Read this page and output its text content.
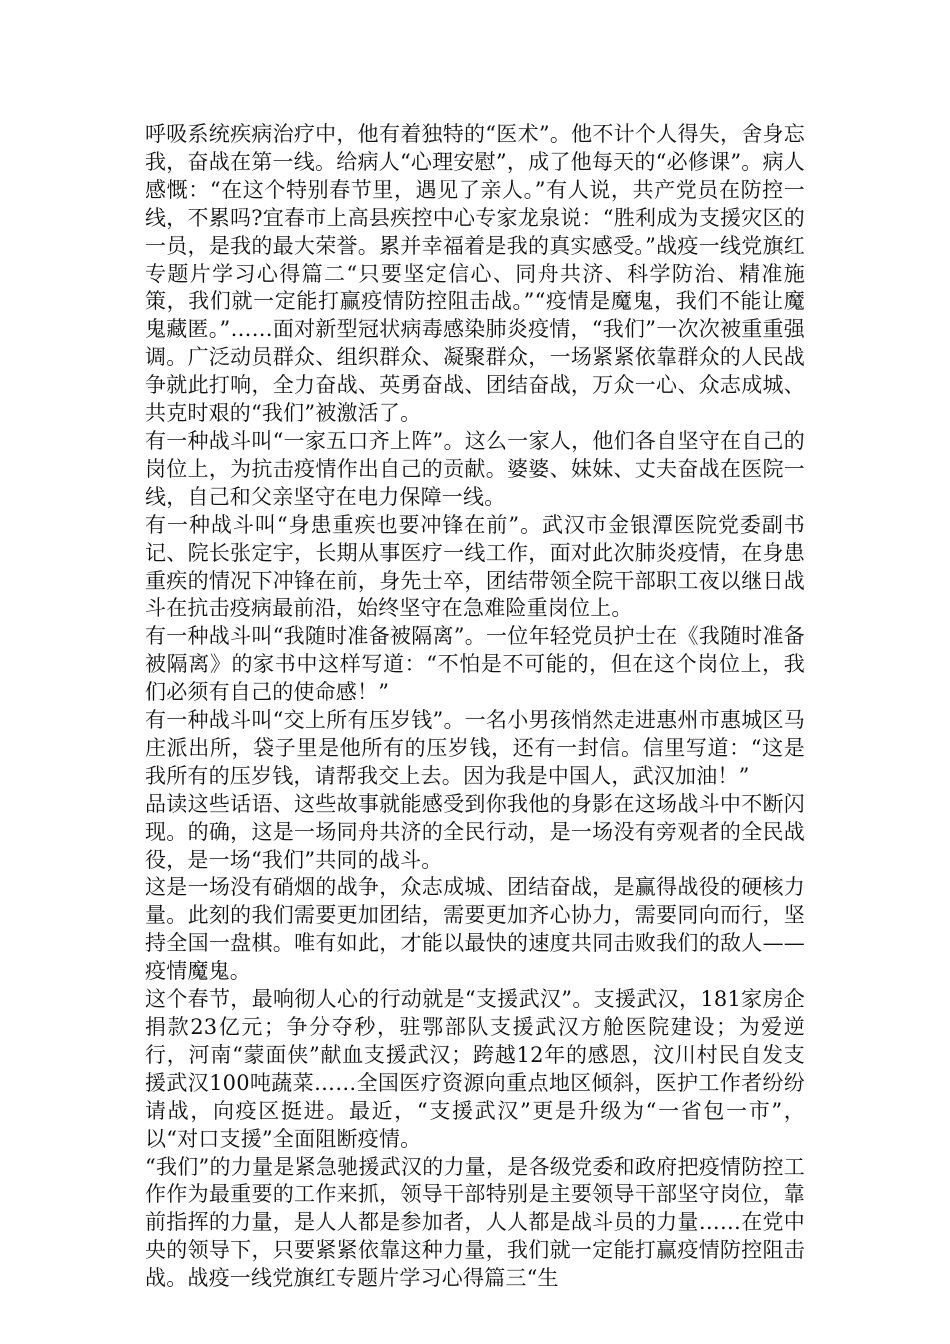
呼吸系统疾病治疗中，他有着独特的“医术”。他不计个人得失，舍身忘我，奋战在第一线。给病人“心理安慰”，成了他每天的“必修课”。病人感慨：“在这个特别春节里，遇见了亲人。”有人说，共产党员在防控一线，不累吗?宜春市上高县疾控中心专家龙泉说：“胜利成为支援灾区的一员，是我的最大荣誉。累并幸福着是我的真实感受。”战疫一线党旗红专题片学习心得篇二“只要坚定信心、同舟共济、科学防治、精准施策，我们就一定能打赢疫情防控阻击战。”“疫情是魔鬼，我们不能让魔鬼藏匿。”……面对新型冠状病毒感染肺炎疫情，“我们”一次次被重重强调。广泛动员群众、组织群众、凝聚群众，一场紧紧依靠群众的人民战争就此打响，全力奋战、英勇奋战、团结奋战，万众一心、众志成城、共克时艰的“我们”被激活了。

有一种战斗叫“一家五口齐上阵”。这么一家人，他们各自坚守在自己的岗位上，为抗击疫情作出自己的贡献。婆婆、妹妹、丈夫奋战在医院一线，自己和父亲坚守在电力保障一线。

有一种战斗叫“身患重疾也要冲锋在前”。武汉市金银潭医院党委副书记、院长张定宇，长期从事医疗一线工作，面对此次肺炎疫情，在身患重疾的情况下冲锋在前，身先士卒，团结带领全院干部职工夜以继日战斗在抗击疫病最前沿，始终坚守在急难险重岗位上。

有一种战斗叫“我随时准备被隔离”。一位年轻党员护士在《我随时准备被隔离》的家书中这样写道：“不怕是不可能的，但在这个岗位上，我们必须有自己的使命感！”

有一种战斗叫“交上所有压岁钱”。一名小男孩悄然走进惠州市惠城区马庄派出所，袋子里是他所有的压岁钱，还有一封信。信里写道：“这是我所有的压岁钱，请帮我交上去。因为我是中国人，武汉加油！”

品读这些话语、这些故事就能感受到你我他的身影在这场战斗中不断闪现。的确，这是一场同舟共济的全民行动，是一场没有旁观者的全民战役，是一场“我们”共同的战斗。

这是一场没有硝烟的战争，众志成城、团结奋战，是赢得战役的硬核力量。此刻的我们需要更加团结，需要更加齐心协力，需要同向而行，坚持全国一盘棋。唯有如此，才能以最快的速度共同击败我们的敌人——疫情魔鬼。

这个春节，最响彻人心的行动就是“支援武汉”。支援武汉，181家房企捐款23亿元；争分夺秒，驻鄂部队支援武汉方舱医院建设；为爱逆行，河南“蒙面侠”献血支援武汉；跨越12年的感恩，汶川村民自发支援武汉100吨蔬菜……全国医疗资源向重点地区倾斜，医护工作者纷纷请战，向疫区挺进。最近，“支援武汉”更是升级为“一省包一市”，以“对口支援”全面阻断疫情。

“我们”的力量是紧急驰援武汉的力量，是各级党委和政府把疫情防控工作作为最重要的工作来抓，领导干部特别是主要领导干部坚守岗位，靠前指挥的力量，是人人都是参加者，人人都是战斗员的力量……在党中央的领导下，只要紧紧依靠这种力量，我们就一定能打赢疫情防控阻击战。战疫一线党旗红专题片学习心得篇三“生
